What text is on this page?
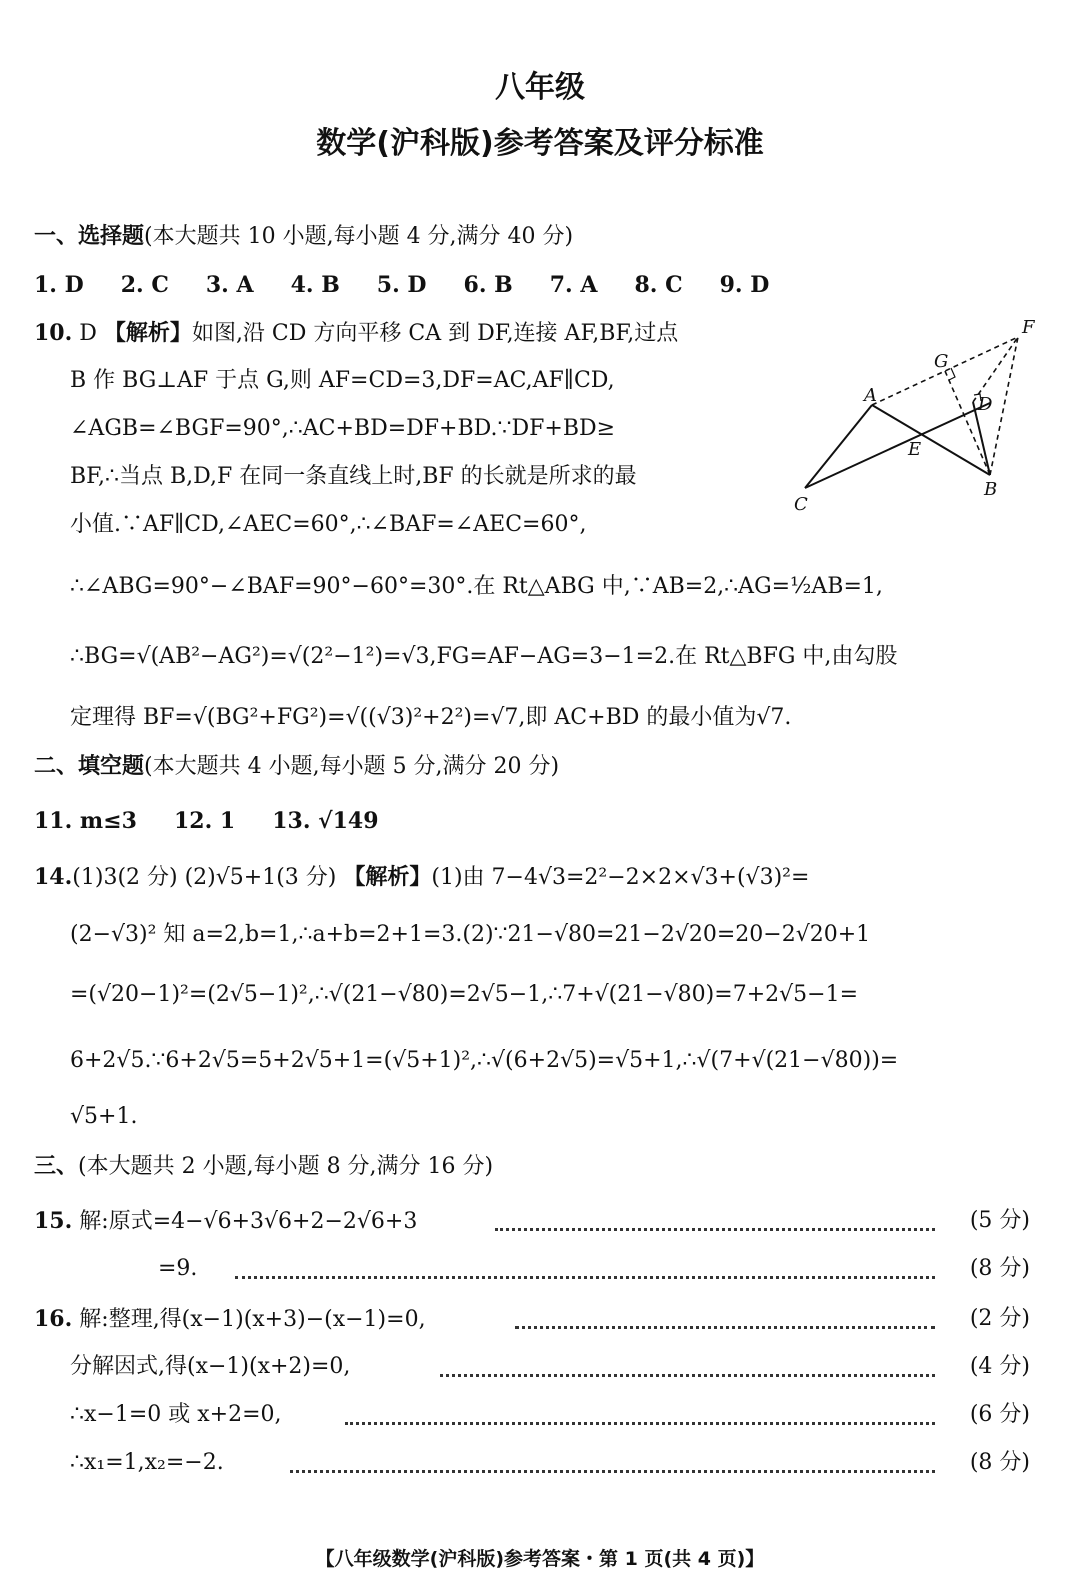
八年级
数学(沪科版)参考答案及评分标准
一、选择题(本大题共 10 小题,每小题 4 分,满分 40 分)
1. D 2. C 3. A 4. B 5. D 6. B 7. A 8. C 9. D
10. D 【解析】如图,沿 CD 方向平移 CA 到 DF,连接 AF,BF,过点
B 作 BG⊥AF 于点 G,则 AF=CD=3,DF=AC,AF∥CD,
∠AGB=∠BGF=90°,∴AC+BD=DF+BD.∵DF+BD≥
BF,∴当点 B,D,F 在同一条直线上时,BF 的长就是所求的最
小值.∵AF∥CD,∠AEC=60°,∴∠BAF=∠AEC=60°,
∴∠ABG=90°−∠BAF=90°−60°=30°.在 Rt△ABG 中,∵AB=2,∴AG=½AB=1,
∴BG=√(AB²−AG²)=√(2²−1²)=√3,FG=AF−AG=3−1=2.在 Rt△BFG 中,由勾股
定理得 BF=√(BG²+FG²)=√((√3)²+2²)=√7,即 AC+BD 的最小值为√7.
F
G
A	D
E
C
B
二、填空题(本大题共 4 小题,每小题 5 分,满分 20 分)
11. m≤3 12. 1 13. √149
14.(1)3(2 分) (2)√5+1(3 分) 【解析】(1)由 7−4√3=2²−2×2×√3+(√3)²=
(2−√3)² 知 a=2,b=1,∴a+b=2+1=3.(2)∵21−√80=21−2√20=20−2√20+1
=(√20−1)²=(2√5−1)²,∴√(21−√80)=2√5−1,∴7+√(21−√80)=7+2√5−1=
6+2√5.∵6+2√5=5+2√5+1=(√5+1)²,∴√(6+2√5)=√5+1,∴√(7+√(21−√80))=
√5+1.
三、(本大题共 2 小题,每小题 8 分,满分 16 分)
15. 解:原式=4−√6+3√6+2−2√6+3	(5 分)
=9.	(8 分)
16. 解:整理,得(x−1)(x+3)−(x−1)=0,	(2 分)
分解因式,得(x−1)(x+2)=0,	(4 分)
∴x−1=0 或 x+2=0,	(6 分)
∴x₁=1,x₂=−2.	(8 分)
【八年级数学(沪科版)参考答案・第 1 页(共 4 页)】
